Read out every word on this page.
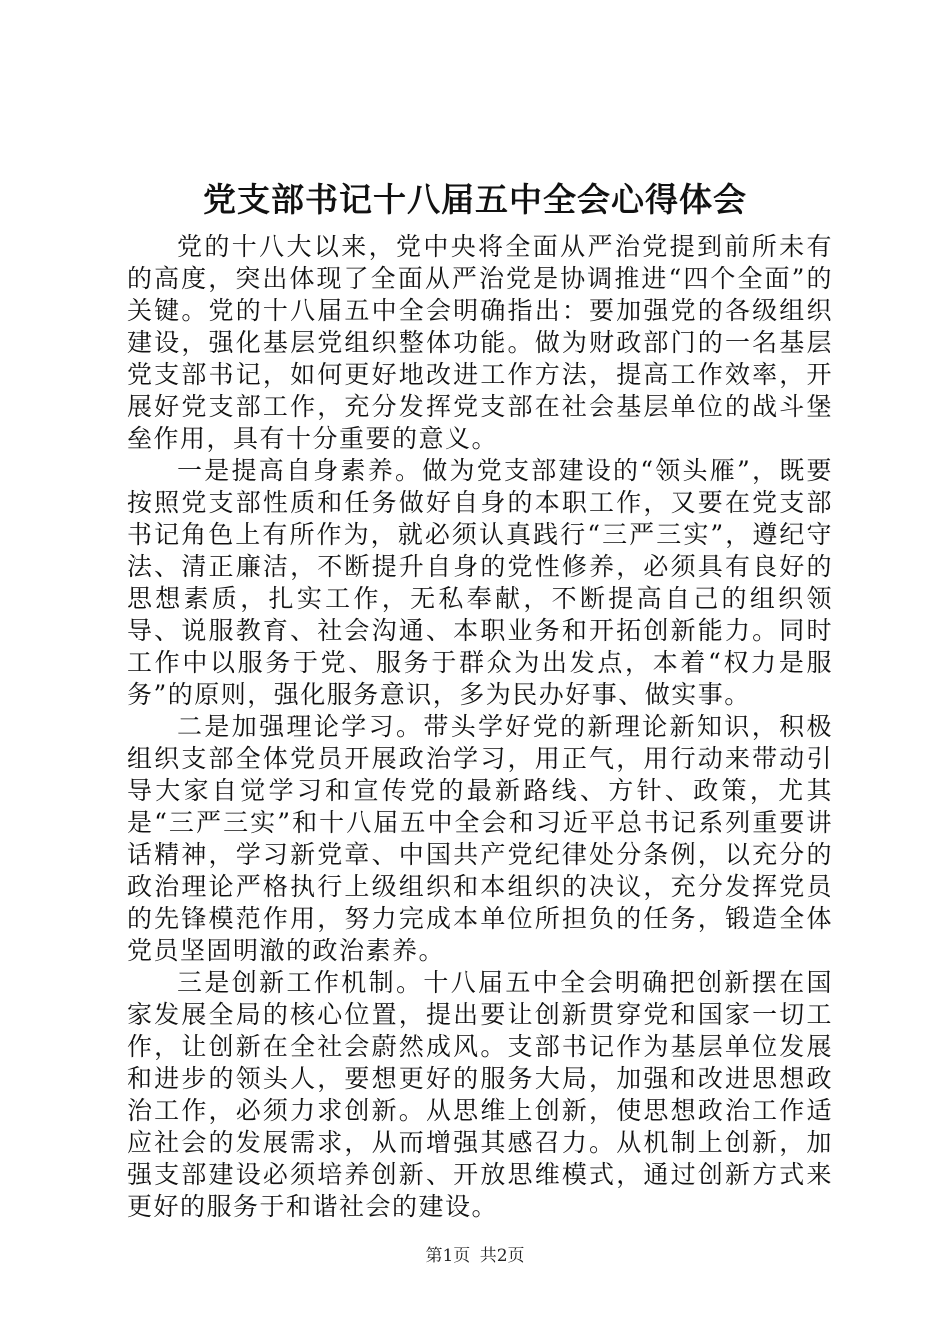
党支部书记十八届五中全会心得体会

党的十八大以来，党中央将全面从严治党提到前所未有的高度，突出体现了全面从严治党是协调推进“四个全面”的关键。党的十八届五中全会明确指出：要加强党的各级组织建设，强化基层党组织整体功能。做为财政部门的一名基层党支部书记，如何更好地改进工作方法，提高工作效率，开展好党支部工作，充分发挥党支部在社会基层单位的战斗堡垒作用，具有十分重要的意义。

一是提高自身素养。做为党支部建设的“领头雁”，既要按照党支部性质和任务做好自身的本职工作，又要在党支部书记角色上有所作为，就必须认真践行“三严三实”，遵纪守法、清正廉洁，不断提升自身的党性修养，必须具有良好的思想素质，扎实工作，无私奉献，不断提高自己的组织领导、说服教育、社会沟通、本职业务和开拓创新能力。同时工作中以服务于党、服务于群众为出发点，本着“权力是服务”的原则，强化服务意识，多为民办好事、做实事。

二是加强理论学习。带头学好党的新理论新知识，积极组织支部全体党员开展政治学习，用正气，用行动来带动引导大家自觉学习和宣传党的最新路线、方针、政策，尤其是“三严三实”和十八届五中全会和习近平总书记系列重要讲话精神，学习新党章、中国共产党纪律处分条例，以充分的政治理论严格执行上级组织和本组织的决议，充分发挥党员的先锋模范作用，努力完成本单位所担负的任务，锻造全体党员坚固明澈的政治素养。

三是创新工作机制。十八届五中全会明确把创新摆在国家发展全局的核心位置，提出要让创新贯穿党和国家一切工作，让创新在全社会蔚然成风。支部书记作为基层单位发展和进步的领头人，要想更好的服务大局，加强和改进思想政治工作，必须力求创新。从思维上创新，使思想政治工作适应社会的发展需求，从而增强其感召力。从机制上创新，加强支部建设必须培养创新、开放思维模式，通过创新方式来更好的服务于和谐社会的建设。

第1页 共2页
